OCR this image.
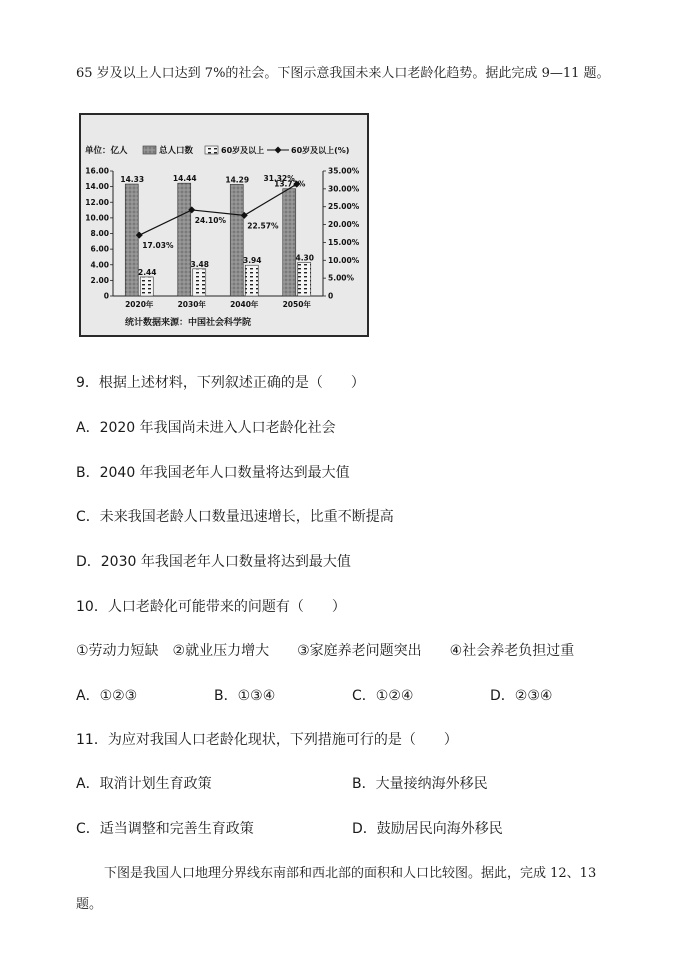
65 岁及以上人口达到 7%的社会。下图示意我国未来人口老龄化趋势。据此完成 9—11 题。
单位：亿人	总人口数	60岁及以上	60岁及以上(%)
0
2.00
4.00
6.00
8.00
10.00
12.00
14.00
16.00
0
5.00%
10.00%
15.00%
20.00%
25.00%
30.00%
35.00%
14.33
2.44
2020年
14.44
3.48
2030年
14.29
3.94
2040年
13.73%
4.30
2050年
17.03%
24.10%
22.57%
31.32%
统计数据来源：中国社会科学院
9．根据上述材料，下列叙述正确的是（　　）
A．2020 年我国尚未进入人口老龄化社会
B．2040 年我国老年人口数量将达到最大值
C．未来我国老龄人口数量迅速增长，比重不断提高
D．2030 年我国老年人口数量将达到最大值
10．人口老龄化可能带来的问题有（　　）
①劳动力短缺　②就业压力增大　　③家庭养老问题突出　　④社会养老负担过重
A．①②③	B．①③④	C．①②④	D．②③④
11．为应对我国人口老龄化现状，下列措施可行的是（　　）
A．取消计划生育政策	B．大量接纳海外移民
C．适当调整和完善生育政策	D．鼓励居民向海外移民
下图是我国人口地理分界线东南部和西北部的面积和人口比较图。据此，完成 12、13
题。
